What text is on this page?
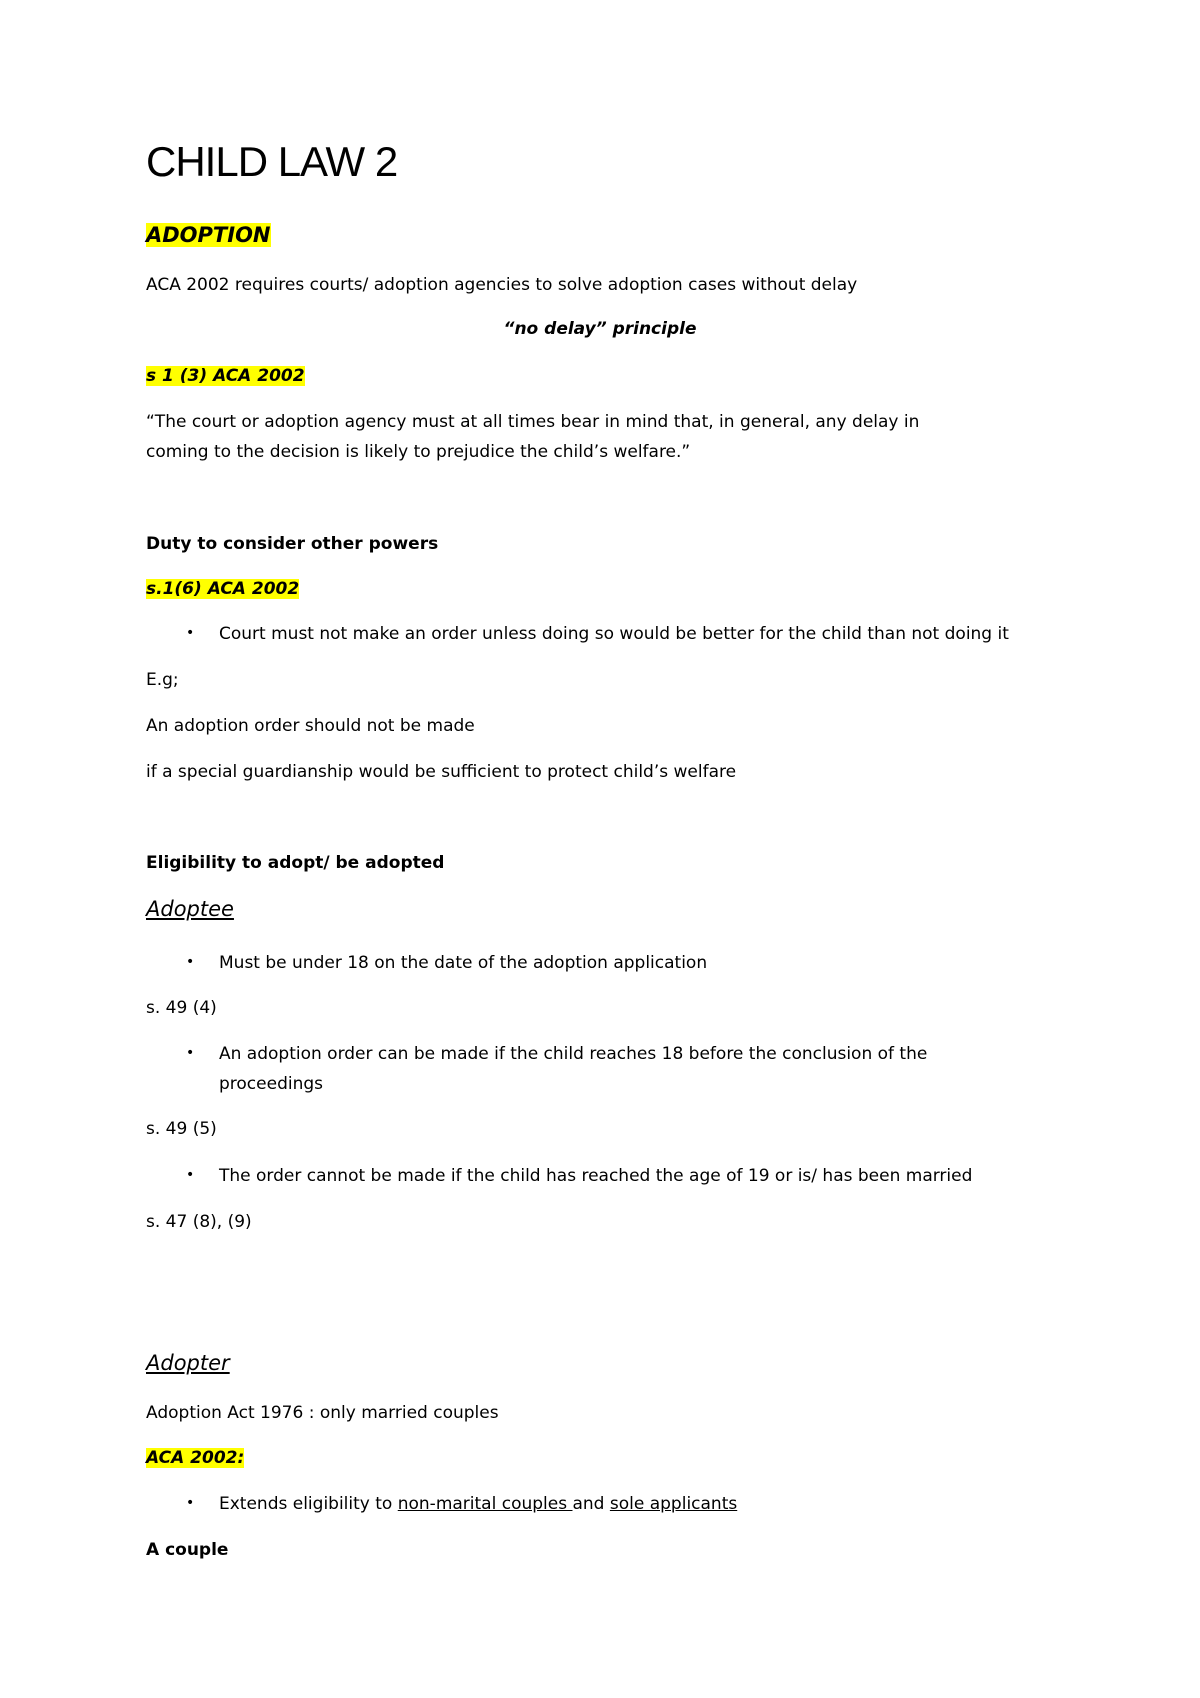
CHILD LAW 2

ADOPTION

ACA 2002 requires courts/ adoption agencies to solve adoption cases without delay

“no delay” principle

s 1 (3) ACA 2002

“The court or adoption agency must at all times bear in mind that, in general, any delay in coming to the decision is likely to prejudice the child’s welfare.”

Duty to consider other powers

s.1(6) ACA 2002

• Court must not make an order unless doing so would be better for the child than not doing it

E.g;

An adoption order should not be made

if a special guardianship would be sufficient to protect child’s welfare

Eligibility to adopt/ be adopted

Adoptee

• Must be under 18 on the date of the adoption application

s. 49 (4)

• An adoption order can be made if the child reaches 18 before the conclusion of the proceedings

s. 49 (5)

• The order cannot be made if the child has reached the age of 19 or is/ has been married

s. 47 (8), (9)

Adopter

Adoption Act 1976 : only married couples

ACA 2002:

• Extends eligibility to non-marital couples and sole applicants

A couple
